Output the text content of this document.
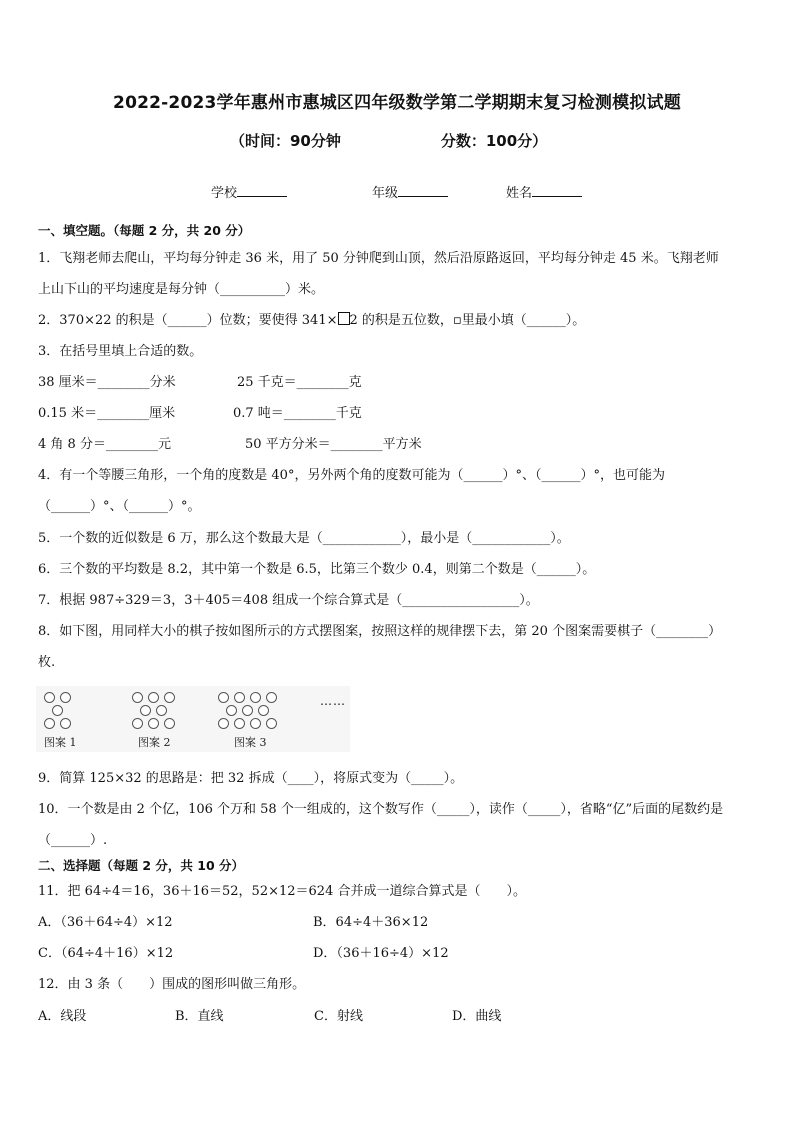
2022-2023学年惠州市惠城区四年级数学第二学期期末复习检测模拟试题
（时间：90分钟	分数：100分）
学校	年级	姓名
一、填空题。（每题 2 分，共 20 分）
1．飞翔老师去爬山，平均每分钟走 36 米，用了 50 分钟爬到山顶，然后沿原路返回，平均每分钟走 45 米。飞翔老师
上山下山的平均速度是每分钟（__________）米。
2．370×22 的积是（______）位数；要使得 341× 2 的积是五位数，▫里最小填（______）。
3．在括号里填上合适的数。
38 厘米＝________分米	25 千克＝________克
0.15 米＝________厘米	0.7 吨＝________千克
4 角 8 分＝________元	50 平方分米＝________平方米
4．有一个等腰三角形，一个角的度数是 40°，另外两个角的度数可能为（______）°、（______）°，也可能为
（______）°、（______）°。
5．一个数的近似数是 6 万，那么这个数最大是（____________），最小是（____________）。
6．三个数的平均数是 8.2，其中第一个数是 6.5，比第三个数少 0.4，则第二个数是（______）。
7．根据 987÷329＝3，3＋405＝408 组成一个综合算式是（__________________）。
8．如下图，用同样大小的棋子按如图所示的方式摆图案，按照这样的规律摆下去，第 20 个图案需要棋子（________）
枚.
……
图案 1	图案 2	图案 3
9．简算 125×32 的思路是：把 32 拆成（____），将原式变为（_____）。
10．一个数是由 2 个亿，106 个万和 58 个一组成的，这个数写作（_____），读作（_____），省略“亿”后面的尾数约是
（______）.
二、选择题（每题 2 分，共 10 分）
11．把 64÷4＝16，36＋16＝52，52×12＝624 合并成一道综合算式是（　　）。
A．（36＋64÷4）×12	B．64÷4＋36×12
C．（64÷4＋16）×12	D．（36＋16÷4）×12
12．由 3 条（　　）围成的图形叫做三角形。
A．线段	B．直线	C．射线	D．曲线
